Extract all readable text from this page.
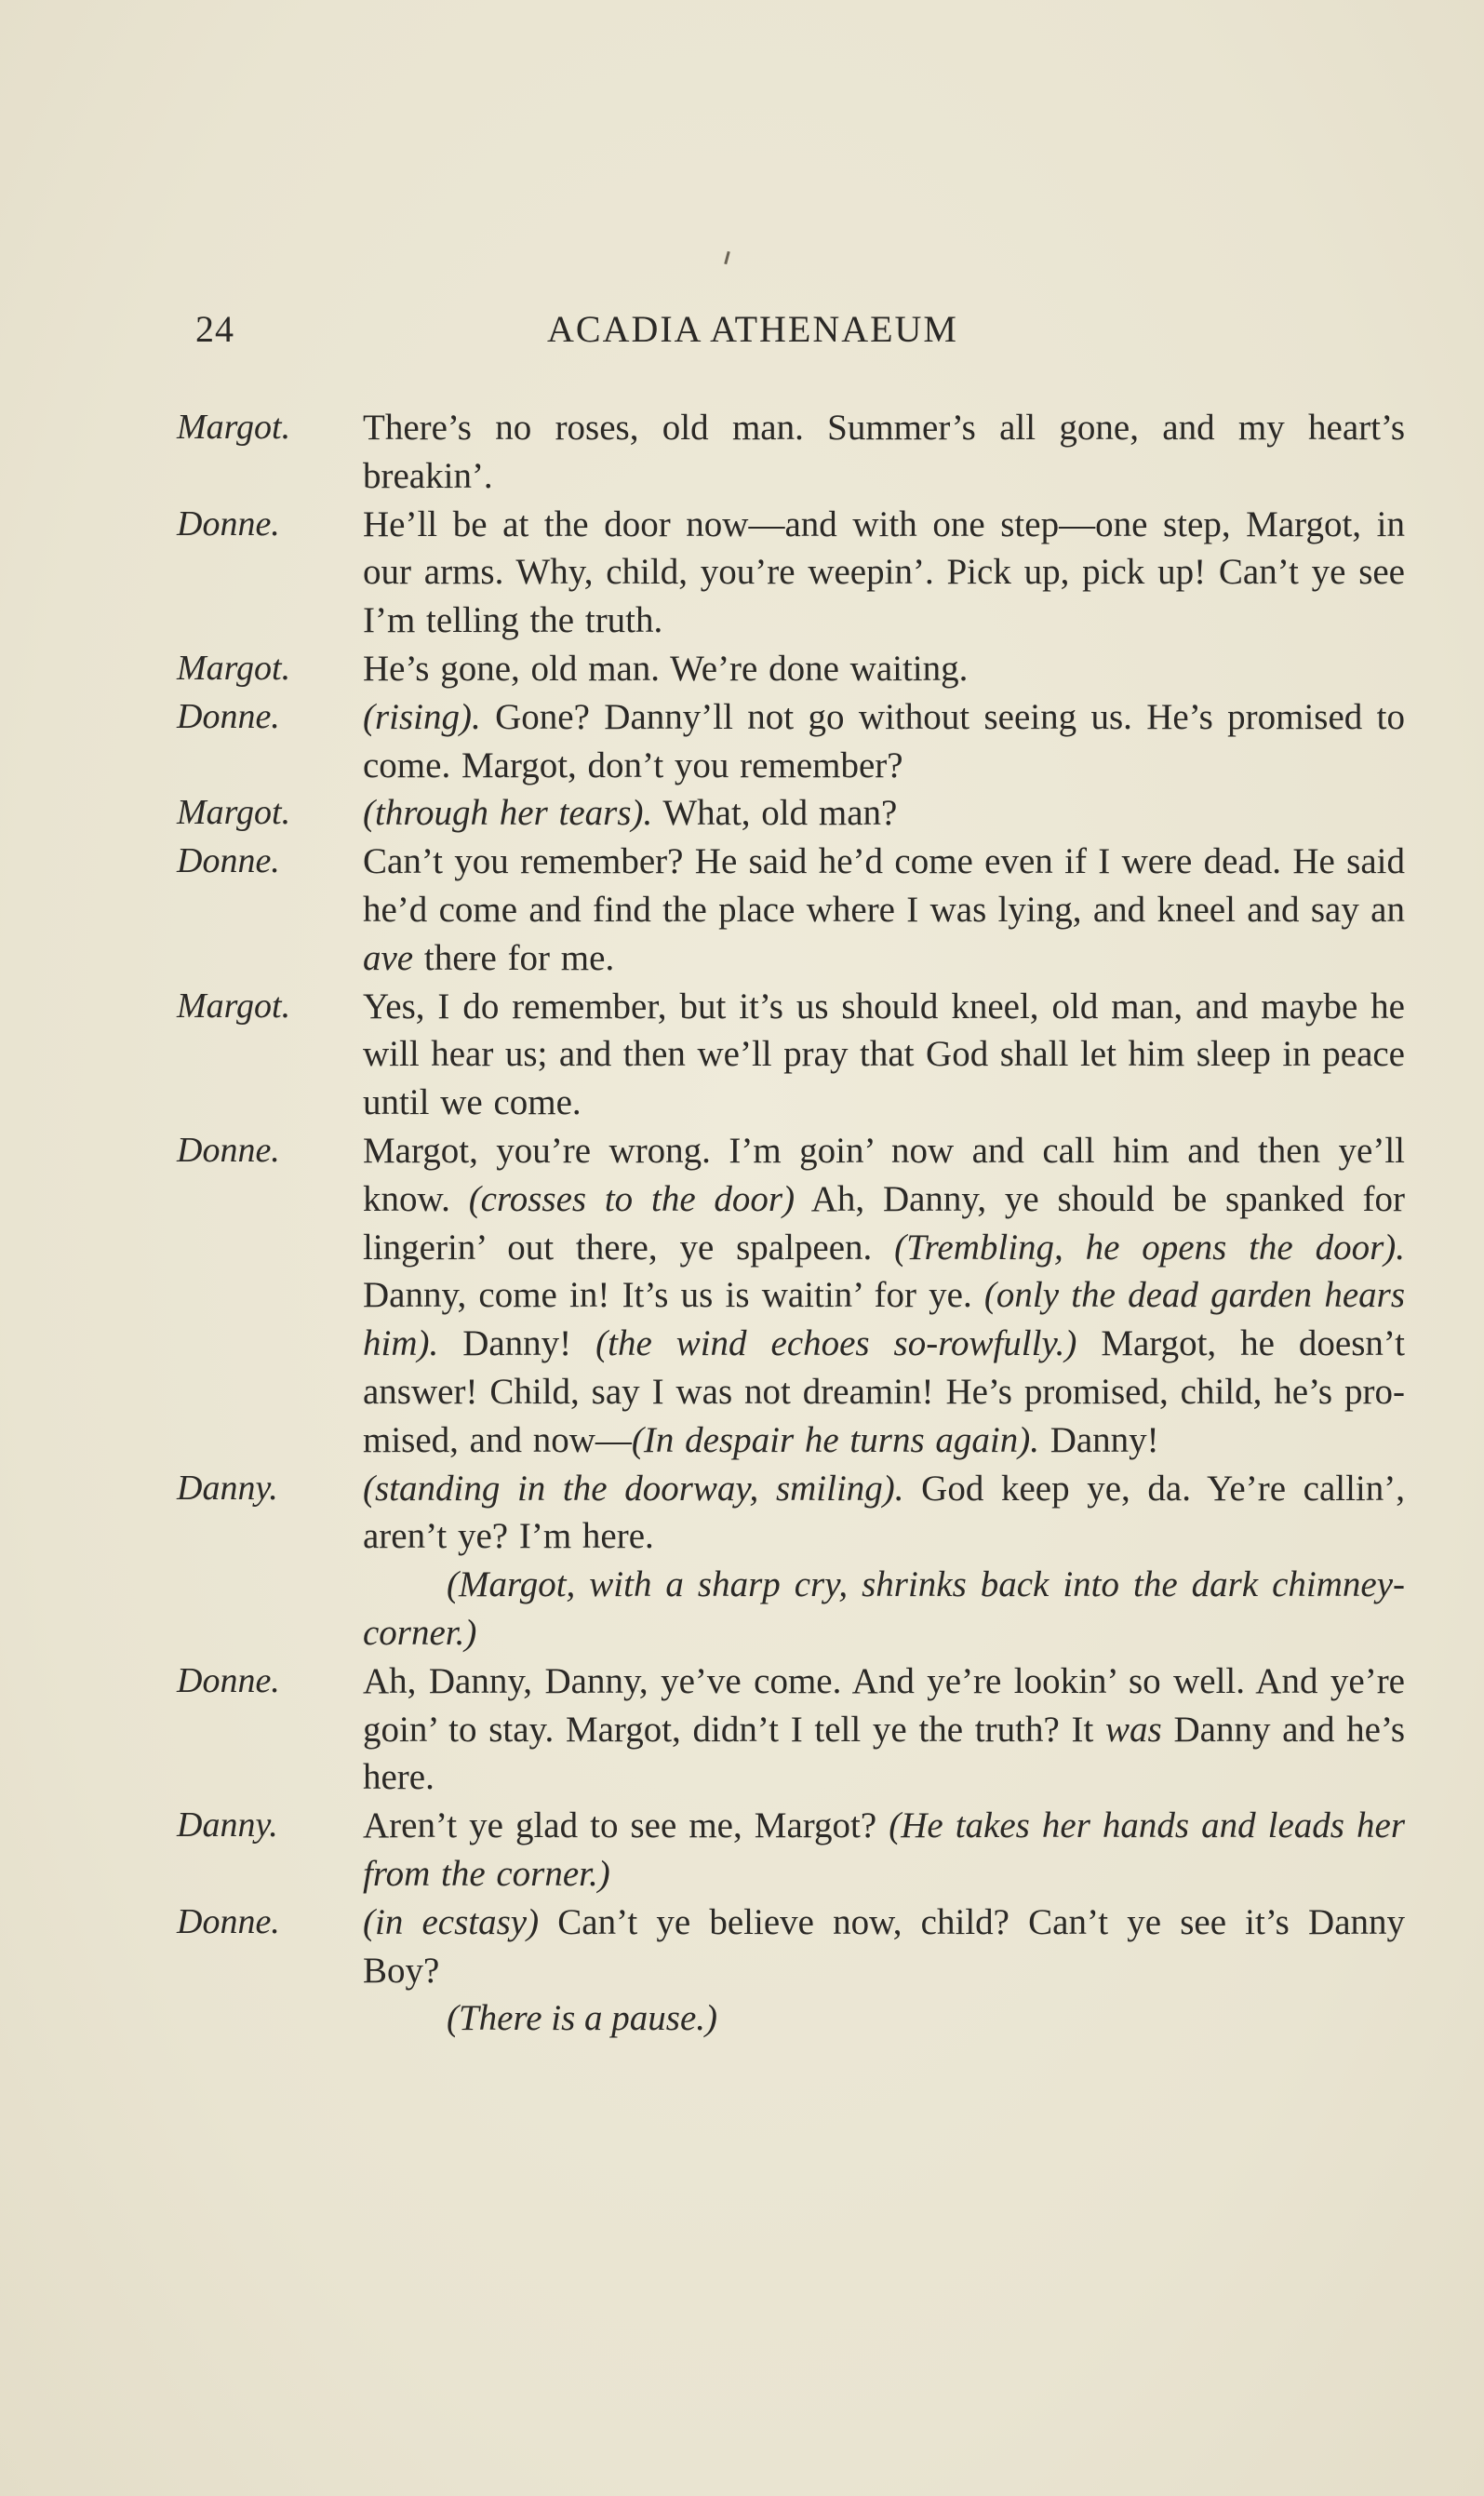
24	ACADIA ATHENAEUM
Margot.	There’s no roses, old man. Summer’s all gone, and my heart’s breakin’.
Donne.	He’ll be at the door now—and with one step—one step, Margot, in our arms. Why, child, you’re weepin’. Pick up, pick up! Can’t ye see I’m telling the truth.
Margot.	He’s gone, old man. We’re done waiting.
Donne.	(rising). Gone? Danny’ll not go without seeing us. He’s promised to come. Margot, don’t you remember?
Margot.	(through her tears). What, old man?
Donne.	Can’t you remember? He said he’d come even if I were dead. He said he’d come and find the place where I was lying, and kneel and say an ave there for me.
Margot.	Yes, I do remember, but it’s us should kneel, old man, and maybe he will hear us; and then we’ll pray that God shall let him sleep in peace until we come.
Donne.	Margot, you’re wrong. I’m goin’ now and call him and then ye’ll know. (crosses to the door) Ah, Danny, ye should be spanked for lingerin’ out there, ye spalpeen. (Trembling, he opens the door). Danny, come in! It’s us is waitin’ for ye. (only the dead garden hears him). Danny! (the wind echoes so-rowfully.) Margot, he doesn’t answer! Child, say I was not dreamin! He’s promised, child, he’s pro-mised, and now—(In despair he turns again). Danny!
Danny.	(standing in the doorway, smiling). God keep ye, da. Ye’re callin’, aren’t ye? I’m here.
(Margot, with a sharp cry, shrinks back into the dark chimney-corner.)
Donne.	Ah, Danny, Danny, ye’ve come. And ye’re lookin’ so well. And ye’re goin’ to stay. Margot, didn’t I tell ye the truth? It was Danny and he’s here.
Danny.	Aren’t ye glad to see me, Margot? (He takes her hands and leads her from the corner.)
Donne.	(in ecstasy) Can’t ye believe now, child? Can’t ye see it’s Danny Boy?
(There is a pause.)
